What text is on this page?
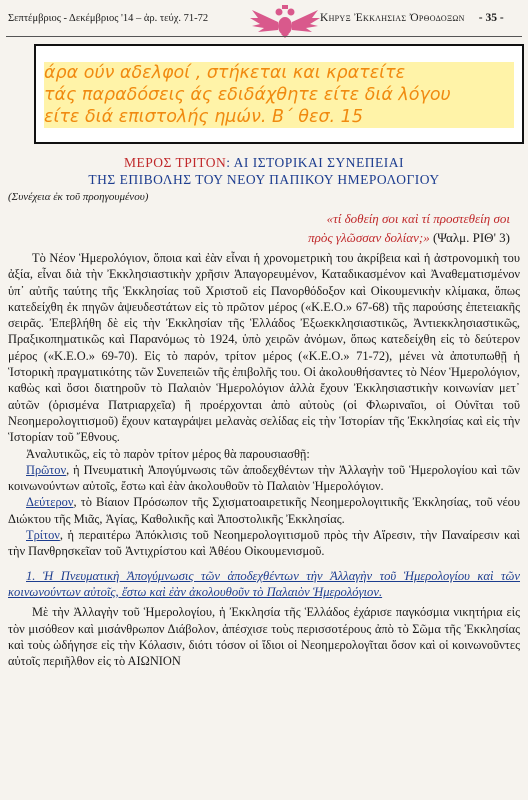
Σεπτέμβριος - Δεκέμβριος '14 – ἀρ. τεύχ. 71-72	Κηρυξ Ἐκκλησιας Ὀρθοδοξων - 35 -
άρα ούν αδελφοί , στήκεται και κρατείτε
τάς παραδόσεις άς εδιδάχθητε είτε διά λόγου
είτε διά επιστολής ημών. Β΄ θεσ. 15
ΜΕΡΟΣ ΤΡΙΤΟΝ: ΑΙ ΙΣΤΟΡΙΚΑΙ ΣΥΝΕΠΕΙΑΙ
ΤΗΣ ΕΠΙΒΟΛΗΣ ΤΟΥ ΝΕΟΥ ΠΑΠΙΚΟΥ ΗΜΕΡΟΛΟΓΙΟΥ
(Συνέχεια ἐκ τοῦ προηγουμένου)
«τί δοθείη σοι καὶ τί προστεθείη σοι
πρὸς γλῶσσαν δολίαν;» (Ψαλμ. ΡΙΘ' 3)

Τὸ Νέον Ἡμερολόγιον, ὅποια καὶ ἐὰν εἶναι ἡ χρονομετρικὴ του ἀκρίβεια καὶ ἡ ἀστρονομικὴ του ἀξία, εἶναι διὰ τὴν Ἐκκλησιαστικὴν χρῆσιν Ἀπαγορευμένον, Καταδικασμένον καὶ Ἀναθεματισμένον ὑπ᾽ αὐτῆς ταύτης τῆς Ἐκκλησίας τοῦ Χριστοῦ εἰς Πανορθόδοξον καὶ Οἰκουμενικὴν κλίμακα, ὅπως κατεδείχθη ἐκ πηγῶν ἀψευδεστάτων εἰς τὸ πρῶτον μέρος («Κ.Ε.Ο.» 67-68) τῆς παρούσης ἐπετειακῆς σειρᾶς. Ἐπεβλήθη δὲ εἰς τὴν Ἐκκλησίαν τῆς Ἑλλάδος Ἐξωεκκλησιαστικῶς, Ἀντιεκκλησιαστικῶς, Πραξικοπηματικῶς καὶ Παρανόμως τὸ 1924, ὑπὸ χειρῶν ἀνόμων, ὅπως κατεδείχθη εἰς τὸ δεύτερον μέρος («Κ.Ε.Ο.» 69-70). Εἰς τὸ παρόν, τρίτον μέρος («Κ.Ε.Ο.» 71-72), μένει νὰ ἀποτυπωθῇ ἡ Ἱστορικὴ πραγματικότης τῶν Συνεπειῶν τῆς ἐπιβολῆς του. Οἱ ἀκολουθήσαντες τὸ Νέον Ἡμερολόγιον, καθὼς καὶ ὅσοι διατηροῦν τὸ Παλαιὸν Ἡμερολόγιον ἀλλὰ ἔχουν Ἐκκλησιαστικὴν κοινωνίαν μετ᾽ αὐτῶν (ὁρισμένα Πατριαρχεῖα) ἢ προέρχονται ἀπὸ αὐτοὺς (οἱ Φλωριναῖοι, οἱ Οὐνῖται τοῦ Νεοημερολογιτισμοῦ) ἔχουν καταγράψει μελανὰς σελίδας εἰς τὴν Ἱστορίαν τῆς Ἐκκλησίας καὶ εἰς τὴν Ἱστορίαν τοῦ Ἔθνους.

Ἀναλυτικῶς, εἰς τὸ παρὸν τρίτον μέρος θὰ παρουσιασθῇ:

Πρῶτον, ἡ Πνευματικὴ Ἀπογύμνωσις τῶν ἀποδεχθέντων τὴν Ἀλλαγὴν τοῦ Ἡμερολογίου καὶ τῶν κοινωνούντων αὐτοῖς, ἔστω καὶ ἐὰν ἀκολουθοῦν τὸ Παλαιὸν Ἡμερολόγιον.

Δεύτερον, τὸ Βίαιον Πρόσωπον τῆς Σχισματοαιρετικῆς Νεοημερολογιτικῆς Ἐκκλησίας, τοῦ νέου Διώκτου τῆς Μιᾶς, Ἁγίας, Καθολικῆς καὶ Ἀποστολικῆς Ἐκκλησίας.

Τρίτον, ἡ περαιτέρω Ἀπόκλισις τοῦ Νεοημερολογιτισμοῦ πρὸς τὴν Αἵρεσιν, τὴν Παναίρεσιν καὶ τὴν Πανθρησκεῖαν τοῦ Ἀντιχρίστου καὶ Ἀθέου Οἰκουμενισμοῦ.

1. Ἡ Πνευματικὴ Ἀπογύμνωσις τῶν ἀποδεχθέντων τὴν Ἀλλαγὴν τοῦ Ἡμερολογίου καὶ τῶν κοινωνούντων αὐτοῖς, ἔστω καὶ ἐὰν ἀκολουθοῦν τὸ Παλαιὸν Ἡμερολόγιον.

Μὲ τὴν Ἀλλαγὴν τοῦ Ἡμερολογίου, ἡ Ἐκκλησία τῆς Ἑλλάδος ἐχάρισε παγκόσμια νικητήρια εἰς τὸν μισόθεον καὶ μισάνθρωπον Διάβολον, ἀπέσχισε τοὺς περισσοτέρους ἀπὸ τὸ Σῶμα τῆς Ἐκκλησίας καὶ τοὺς ὡδήγησε εἰς τὴν Κόλασιν, διότι τόσον οἱ ἴδιοι οἱ Νεοημερολογῖται ὅσον καὶ οἱ κοινωνοῦντες αὐτοῖς περιῆλθον εἰς τὸ ΑΙΩΝΙΟΝ
